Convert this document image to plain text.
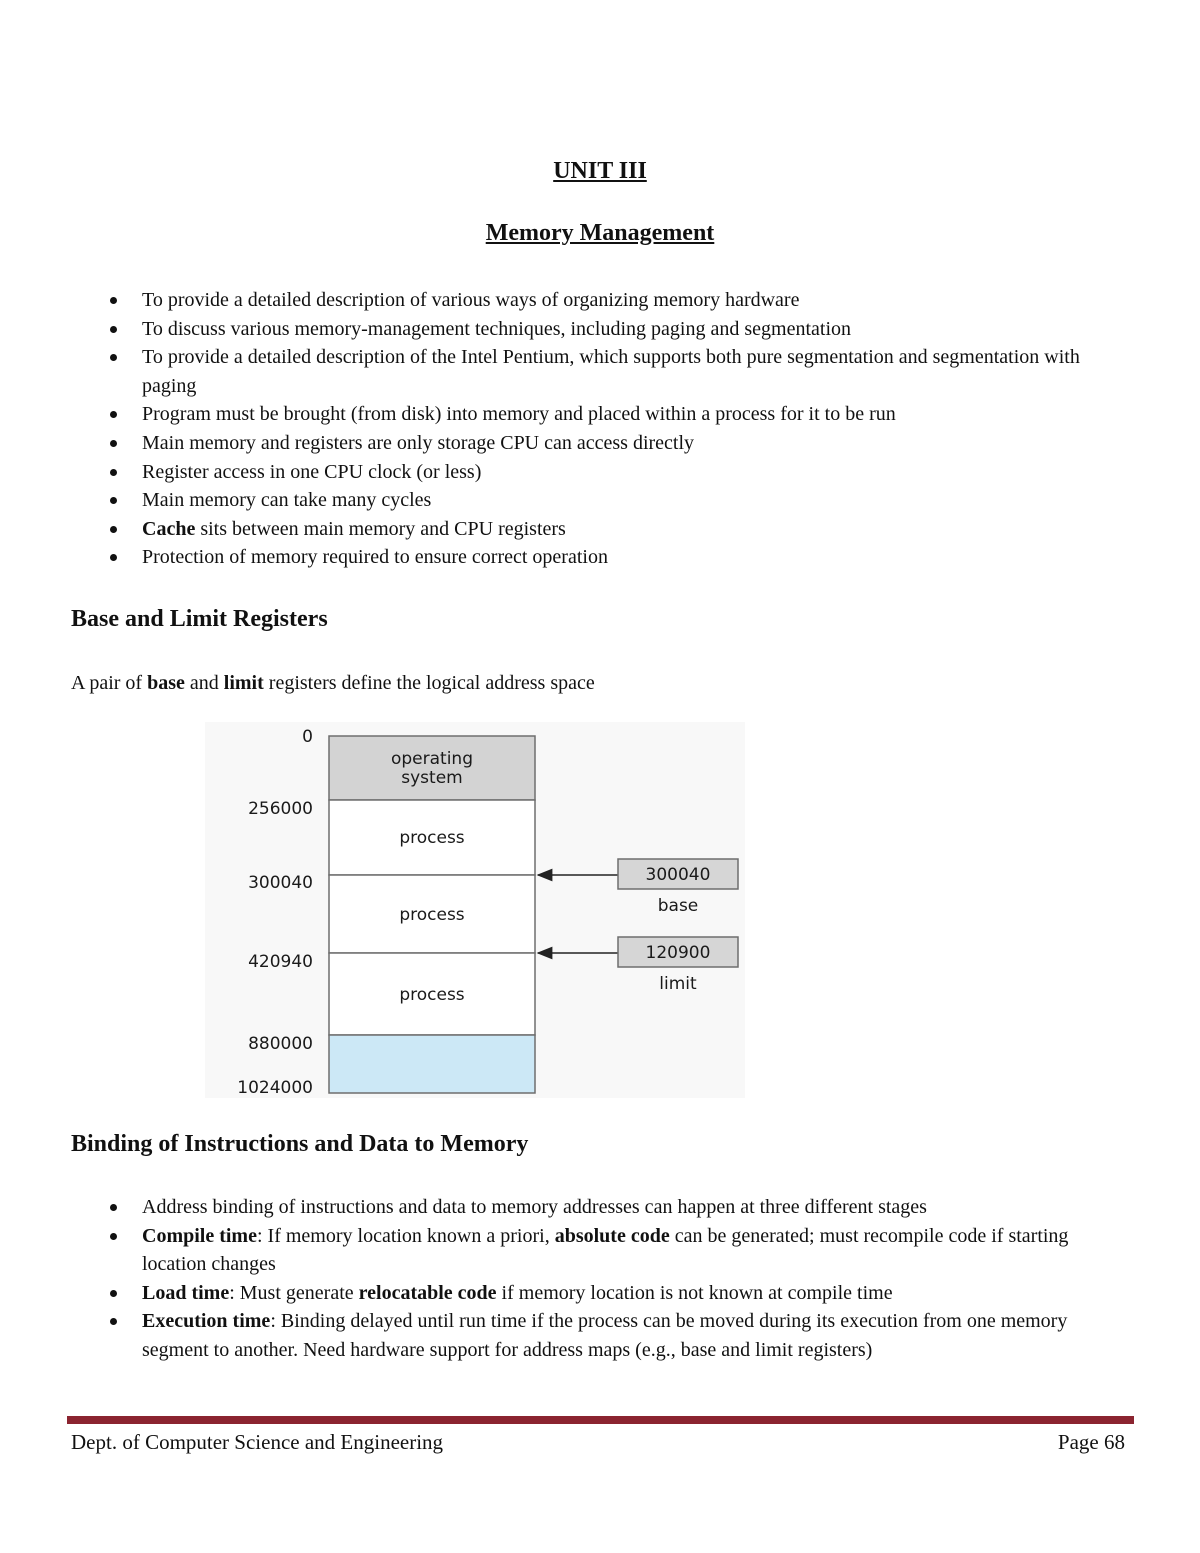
UNIT III
Memory Management
To provide a detailed description of various ways of organizing memory hardware
To discuss various memory-management techniques, including paging and segmentation
To provide a detailed description of the Intel Pentium, which supports both pure segmentation and segmentation with paging
Program must be brought (from disk) into memory and placed within a process for it to be run
Main memory and registers are only storage CPU can access directly
Register access in one CPU clock (or less)
Main memory can take many cycles
Cache sits between main memory and CPU registers
Protection of memory required to ensure correct operation
Base and Limit Registers
A pair of base and limit registers define the logical address space
operating
system
process
process
process
0
256000
300040
420940
880000
1024000
300040
base
120900
limit
Binding of Instructions and Data to Memory
Address binding of instructions and data to memory addresses can happen at three different stages
Compile time: If memory location known a priori, absolute code can be generated; must recompile code if starting location changes
Load time: Must generate relocatable code if memory location is not known at compile time
Execution time: Binding delayed until run time if the process can be moved during its execution from one memory segment to another. Need hardware support for address maps (e.g., base and limit registers)
Dept. of Computer Science and Engineering	Page 68
